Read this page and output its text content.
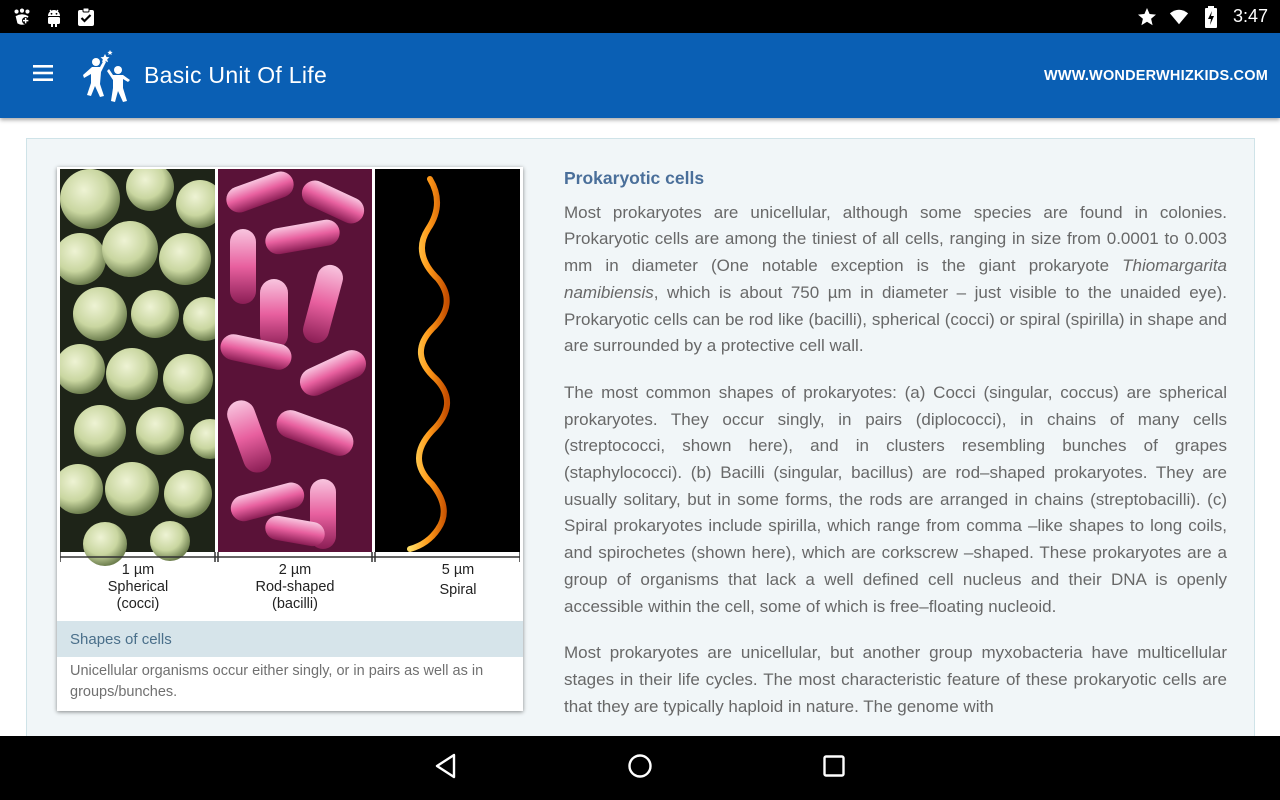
3:47
Basic Unit Of Life	WWW.WONDERWHIZKIDS.COM
1 µm
Spherical
(cocci)
2 µm
Rod-shaped
(bacilli)
5 µm
Spiral
Shapes of cells
Unicellular organisms occur either singly, or in pairs as well as in groups/bunches.
Prokaryotic cells

Most prokaryotes are unicellular, although some species are found in colonies. Prokaryotic cells are among the tiniest of all cells, ranging in size from 0.0001 to 0.003 mm in diameter (One notable exception is the giant prokaryote Thiomargarita namibiensis, which is about 750 µm in diameter – just visible to the unaided eye). Prokaryotic cells can be rod like (bacilli), spherical (cocci) or spiral (spirilla) in shape and are surrounded by a protective cell wall.

The most common shapes of prokaryotes: (a) Cocci (singular, coccus) are spherical prokaryotes. They occur singly, in pairs (diplococci), in chains of many cells (streptococci, shown here), and in clusters resembling bunches of grapes (staphylococci). (b) Bacilli (singular, bacillus) are rod–shaped prokaryotes. They are usually solitary, but in some forms, the rods are arranged in chains (streptobacilli). (c) Spiral prokaryotes include spirilla, which range from comma –like shapes to long coils, and spirochetes (shown here), which are corkscrew –shaped. These prokaryotes are a group of organisms that lack a well defined cell nucleus and their DNA is openly accessible within the cell, some of which is free–floating nucleoid.

Most prokaryotes are unicellular, but another group myxobacteria have multicellular stages in their life cycles. The most characteristic feature of these prokaryotic cells are that they are typically haploid in nature. The genome with
